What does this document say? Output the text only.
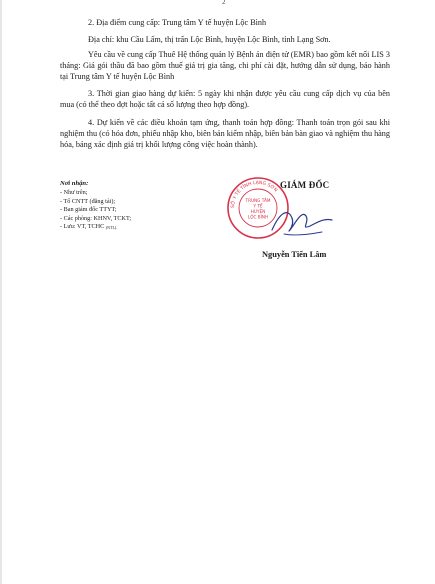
2
2. Địa điểm cung cấp: Trung tâm Y tế huyện Lộc Bình
Địa chỉ: khu Cầu Lấm, thị trấn Lộc Bình, huyện Lộc Bình, tỉnh Lạng Sơn.
Yêu cầu về cung cấp Thuê Hệ thống quản lý Bệnh án điện tử (EMR) bao gồm kết nối LIS 3 tháng: Giá gói thầu đã bao gồm thuế giá trị gia tăng, chi phí cài đặt, hướng dẫn sử dụng, bảo hành tại Trung tâm Y tế huyện Lộc Bình
3. Thời gian giao hàng dự kiến: 5 ngày khi nhận được yêu cầu cung cấp dịch vụ của bên mua (có thể theo đợt hoặc tất cả số lượng theo hợp đồng).
4. Dự kiến về các điều khoản tạm ứng, thanh toán hợp đồng: Thanh toán trọn gói sau khi nghiệm thu (có hóa đơn, phiếu nhập kho, biên bản kiểm nhập, biên bản bàn giao và nghiệm thu hàng hóa, bảng xác định giá trị khối lượng công việc hoàn thành).
Nơi nhận:
- Như trên;
- Tổ CNTT (đăng tải);
- Ban giám đốc TTYT;
- Các phòng: KHNV, TCKT;
- Lưu: VT, TCHC $_{(NTL).}$
SỞ Y TẾ TỈNH LẠNG SƠN
TRUNG TÂM
Y TẾ
HUYỆN
LỘC BÌNH
GIÁM ĐỐC
Nguyễn Tiến Lâm
